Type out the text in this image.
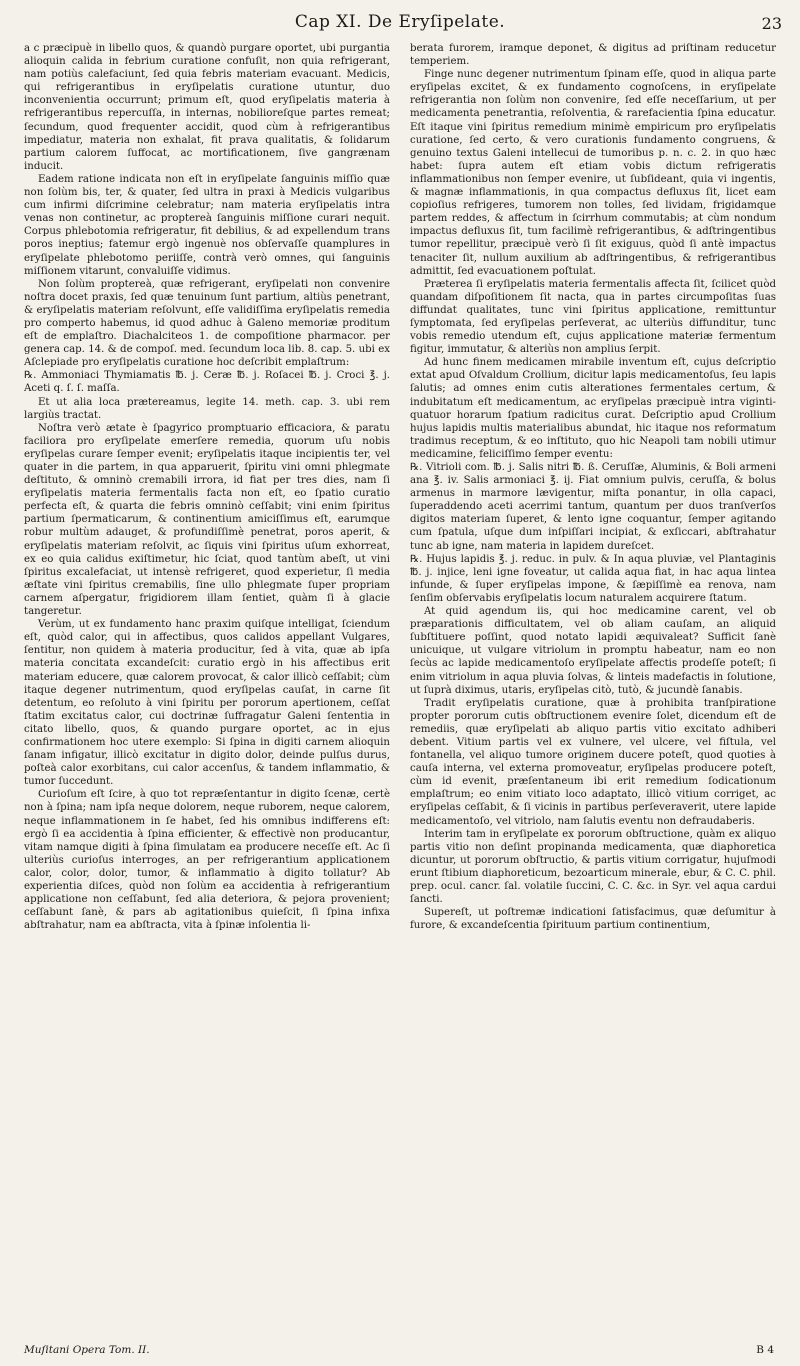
Cap XI. De Eryſipelate.	23

a c præcipuè in libello quos, & quandò purgare oportet, ubi purgantia alioquin calida in febrium curatione confuſit, non quia refrigerant, nam potiùs calefaciunt, ſed quia febris materiam evacuant. Medicis, qui refrigerantibus in eryſipelatis curatione utuntur, duo inconvenientia occurrunt; primum eſt, quod eryſipelatis materia à refrigerantibus repercuſſa, in internas, nobilioreſque partes remeat; ſecundum, quod frequenter accidit, quod cùm à refrigerantibus impediatur, materia non exhalat, fit prava qualitatis, & ſolidarum partium calorem ſuffocat, ac mortificationem, ſive gangrænam inducit.

Eadem ratione indicata non eſt in eryſipelate ſanguinis miſſio quæ non ſolùm bis, ter, & quater, ſed ultra in praxi à Medicis vulgaribus cum infirmi diſcrimine celebratur; nam materia eryſipelatis intra venas non continetur, ac proptereà ſanguinis miſſione curari nequit. Corpus phlebotomia refrigeratur, fit debilius, & ad expellendum trans poros ineptius; fatemur ergò ingenuè nos obſervaſſe quamplures in eryſipelate phlebotomo periiſſe, contrà verò omnes, qui ſanguinis miſſionem vitarunt, convaluiſſe vidimus.

Non ſolùm proptereà, quæ refrigerant, eryſipelati non convenire noſtra docet praxis, ſed quæ tenuinum ſunt partium, altiùs penetrant, & eryſipelatis materiam reſolvunt, eſſe validiſſima eryſipelatis remedia pro comperto habemus, id quod adhuc à Galeno memoriæ proditum eſt de emplaſtro. Diachalciteos 1. de compoſitione pharmacor. per genera cap. 14. & de compoſ. med. ſecundum loca lib. 8. cap. 5. ubi ex Aſclepiade pro eryſipelatis curatione hoc deſcribit emplaſtrum:

℞. Ammoniaci Thymiamatis ℔. j. Ceræ ℔. j. Roſacei ℔. j. Croci ℥. j. Aceti q. ſ. ſ. maſſa.

Et ut alia loca prætereamus, legite 14. meth. cap. 3. ubi rem largiùs tractat.

Noſtra verò ætate è ſpagyrico promptuario efficaciora, & paratu faciliora pro eryſipelate emerſere remedia, quorum uſu nobis eryſipelas curare ſemper evenit; eryſipelatis itaque incipientis ter, vel quater in die partem, in qua apparuerit, ſpiritu vini omni phlegmate deſtituto, & omninò cremabili irrora, id fiat per tres dies, nam ſi eryſipelatis materia fermentalis facta non eſt, eo ſpatio curatio perfecta eſt, & quarta die febris omninò ceſſabit; vini enim ſpiritus partium ſpermaticarum, & continentium amiciſſimus eſt, earumque robur multùm adauget, & profundiſſimè penetrat, poros aperit, & eryſipelatis materiam reſolvit, ac ſiquis vini ſpiritus uſum exhorreat, ex eo quia calidus exiſtimetur, hic ſciat, quod tantùm abeſt, ut vini ſpiritus excalefaciat, ut intensè refrigeret, quod experietur, ſi media æſtate vini ſpiritus cremabilis, ſine ullo phlegmate ſuper propriam carnem aſpergatur, frigidiorem illam ſentiet, quàm ſi à glacie tangeretur.

Verùm, ut ex fundamento hanc praxim quiſque intelligat, ſciendum eſt, quòd calor, qui in affectibus, quos calidos appellant Vulgares, ſentitur, non quidem à materia producitur, ſed à vita, quæ ab ipſa materia concitata excandeſcit: curatio ergò in his affectibus erit materiam educere, quæ calorem provocat, & calor illicò ceſſabit; cùm itaque degener nutrimentum, quod eryſipelas cauſat, in carne ſit detentum, eo reſoluto à vini ſpiritu per pororum apertionem, ceſſat ſtatim excitatus calor, cui doctrinæ ſuffragatur Galeni ſententia in citato libello, quos, & quando purgare oportet, ac in ejus confirmationem hoc utere exemplo: Si ſpina in digiti carnem alioquin ſanam infigatur, illicò excitatur in digito dolor, deinde pulſus durus, poſteà calor exorbitans, cui calor accenſus, & tandem inflammatio, & tumor ſuccedunt.

Curioſum eſt ſcire, à quo tot repræſentantur in digito ſcenæ, certè non à ſpina; nam ipſa neque dolorem, neque ruborem, neque calorem, neque inflammationem in ſe habet, ſed his omnibus indifferens eſt: ergò ſi ea accidentia à ſpina efficienter, & effectivè non producantur, vitam namque digiti à ſpina ſimulatam ea producere neceſſe eſt. Ac ſi ulteriùs curioſus interroges, an per refrigerantium applicationem calor, color, dolor, tumor, & inflammatio à digito tollatur? Ab experientia diſces, quòd non ſolùm ea accidentia à refrigerantium applicatione non ceſſabunt, ſed alia deteriora, & pejora provenient; ceſſabunt ſanè, & pars ab agitationibus quieſcit, ſi ſpina infixa abſtrahatur, nam ea abſtracta, vita à ſpinæ inſolentia li-

berata furorem, iramque deponet, & digitus ad priſtinam reducetur temperiem.

Finge nunc degener nutrimentum ſpinam eſſe, quod in aliqua parte eryſipelas excitet, & ex fundamento cognoſcens, in eryſipelate refrigerantia non ſolùm non convenire, ſed eſſe neceſſarium, ut per medicamenta penetrantia, reſolventia, & rarefacientia ſpina educatur. Eſt itaque vini ſpiritus remedium minimè empiricum pro eryſipelatis curatione, ſed certo, & vero curationis fundamento congruens, & genuino textus Galeni intellecui de tumoribus p. n. c. 2. in quo hæc habet: ſupra autem eſt etiam vobis dictum refrigeratis inflammationibus non ſemper evenire, ut ſubſideant, quia vi ingentis, & magnæ inflammationis, in qua compactus defluxus ſit, licet eam copioſius refrigeres, tumorem non tolles, ſed lividam, frigidamque partem reddes, & affectum in ſcirrhum commutabis; at cùm nondum impactus defluxus ſit, tum facilimè refrigerantibus, & adſtringentibus tumor repellitur, præcipuè verò ſi ſit exiguus, quòd ſi antè impactus tenaciter ſit, nullum auxilium ab adſtringentibus, & refrigerantibus admittit, ſed evacuationem poſtulat.

Præterea ſi eryſipelatis materia fermentalis affecta ſit, ſcilicet quòd quandam diſpoſitionem ſit nacta, qua in partes circumpoſitas ſuas diffundat qualitates, tunc vini ſpiritus applicatione, remittuntur ſymptomata, ſed eryſipelas perſeverat, ac ulteriùs diffunditur, tunc vobis remedio utendum eſt, cujus applicatione materiæ fermentum figitur, immutatur, & alteriùs non amplius ſerpit.

Ad hunc finem medicamen mirabile inventum eſt, cujus deſcriptio extat apud Oſvaldum Crollium, dicitur lapis medicamentoſus, ſeu lapis ſalutis; ad omnes enim cutis alterationes fermentales certum, & indubitatum eſt medicamentum, ac eryſipelas præcipuè intra viginti-quatuor horarum ſpatium radicitus curat. Deſcriptio apud Crollium hujus lapidis multis materialibus abundat, hic itaque nos reformatum tradimus receptum, & eo inſtituto, quo hic Neapoli tam nobili utimur medicamine, feliciſſimo ſemper eventu:

℞. Vitrioli com. ℔. j. Salis nitri ℔. ß. Ceruſſæ, Aluminis, & Boli armeni ana ℥. iv. Salis armoniaci ℥. ij. Fiat omnium pulvis, ceruſſa, & bolus armenus in marmore lævigentur, miſta ponantur, in olla capaci, ſuperaddendo aceti acerrimi tantum, quantum per duos tranſverſos digitos materiam ſuperet, & lento igne coquantur, ſemper agitando cum ſpatula, uſque dum inſpiſſari incipiat, & exſiccari, abſtrahatur tunc ab igne, nam materia in lapidem dureſcet.

℞. Hujus lapidis ℥. j. reduc. in pulv. & In aqua pluviæ, vel Plantaginis ℔. j. injice, leni igne foveatur, ut calida aqua fiat, in hac aqua lintea infunde, & ſuper eryſipelas impone, & ſæpiſſimè ea renova, nam ſenſim obſervabis eryſipelatis locum naturalem acquirere ſtatum.

At quid agendum iis, qui hoc medicamine carent, vel ob præparationis difficultatem, vel ob aliam cauſam, an aliquid ſubſtituere poſſint, quod notato lapidi æquivaleat? Sufficit ſanè unicuique, ut vulgare vitriolum in promptu habeatur, nam eo non ſecùs ac lapide medicamentoſo eryſipelate affectis prodeſſe poteſt; ſi enim vitriolum in aqua pluvia ſolvas, & linteis madefactis in ſolutione, ut ſuprà diximus, utaris, eryſipelas citò, tutò, & jucundè ſanabis.

Tradit eryſipelatis curatione, quæ à prohibita tranſpiratione propter pororum cutis obſtructionem evenire ſolet, dicendum eſt de remediis, quæ eryſipelati ab aliquo partis vitio excitato adhiberi debent. Vitium partis vel ex vulnere, vel ulcere, vel fiſtula, vel fontanella, vel aliquo tumore originem ducere poteſt, quod quoties à cauſa interna, vel externa promoveatur, eryſipelas producere poteſt, cùm id evenit, præſentaneum ibi erit remedium ſodicationum emplaſtrum; eo enim vitiato loco adaptato, illicò vitium corriget, ac eryſipelas ceſſabit, & ſi vicinis in partibus perſeveraverit, utere lapide medicamentoſo, vel vitriolo, nam ſalutis eventu non defraudaberis.

Interim tam in eryſipelate ex pororum obſtructione, quàm ex aliquo partis vitio non deſint propinanda medicamenta, quæ diaphoretica dicuntur, ut pororum obſtructio, & partis vitium corrigatur, hujuſmodi erunt ſtibium diaphoreticum, bezoarticum minerale, ebur, & C. C. phil. prep. ocul. cancr. ſal. volatile ſuccini, C. C. &c. in Syr. vel aqua cardui ſancti.

Supereſt, ut poſtremæ indicationi ſatisfacimus, quæ deſumitur à furore, & excandeſcentia ſpirituum partium continentium,

Muſitani Opera Tom. II.	B 4
